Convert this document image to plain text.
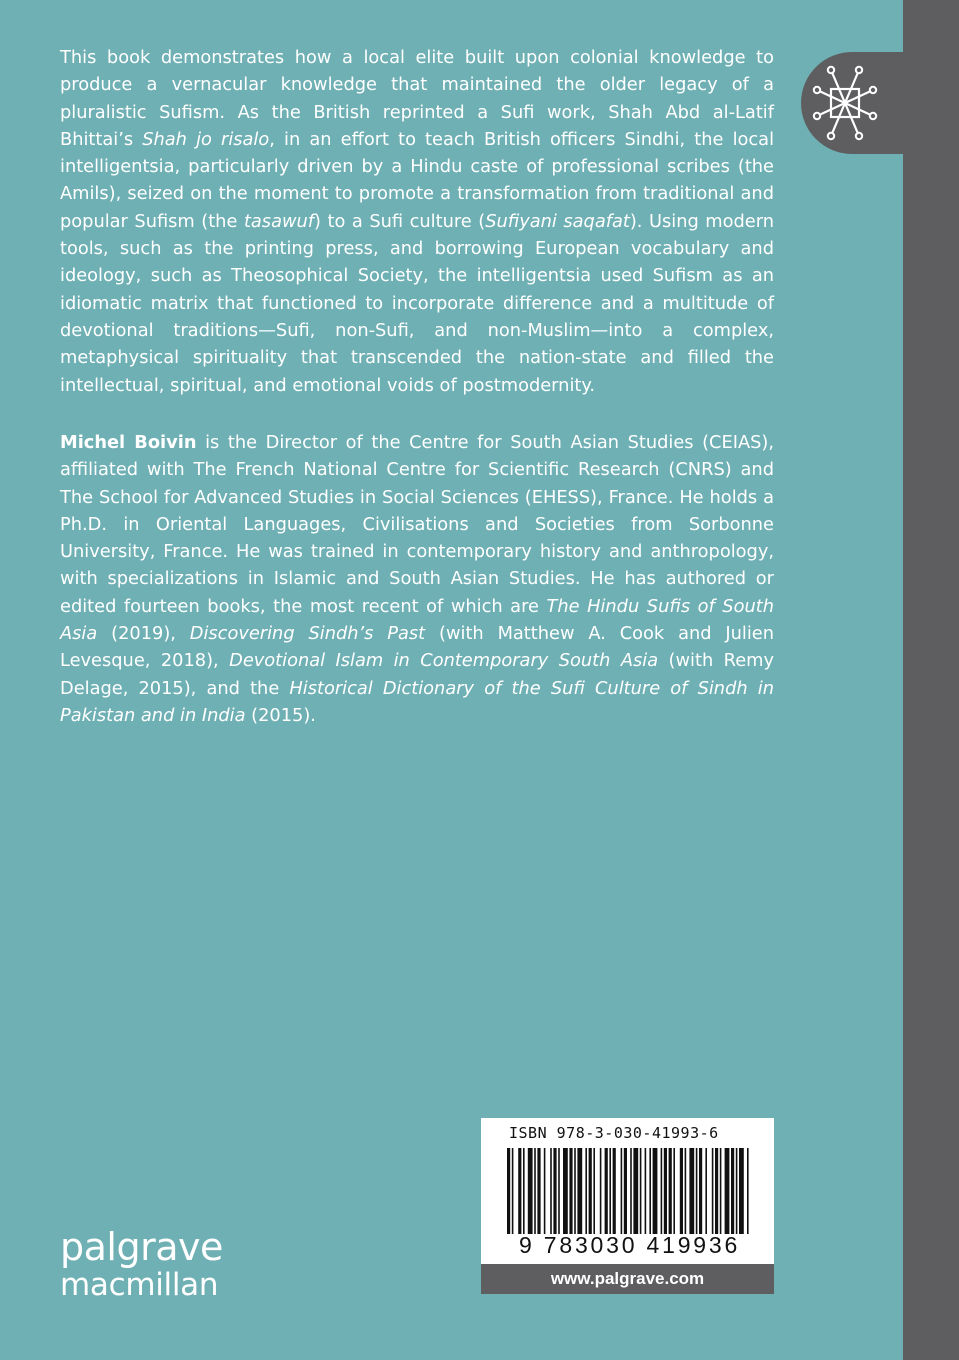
This book demonstrates how a local elite built upon colonial knowledge to produce a vernacular knowledge that maintained the older legacy of a pluralistic Sufism. As the British reprinted a Sufi work, Shah Abd al-Latif Bhittai’s Shah jo risalo, in an effort to teach British officers Sindhi, the local intelligentsia, particularly driven by a Hindu caste of professional scribes (the Amils), seized on the moment to promote a transformation from traditional and popular Sufism (the tasawuf) to a Sufi culture (Sufiyani saqafat). Using modern tools, such as the printing press, and borrowing European vocabulary and ideology, such as Theosophical Society, the intelligentsia used Sufism as an idiomatic matrix that functioned to incorporate difference and a multitude of devotional traditions—Sufi, non-Sufi, and non-Muslim—into a complex, metaphysical spirituality that transcended the nation-state and filled the intellectual, spiritual, and emotional voids of postmodernity.

Michel Boivin is the Director of the Centre for South Asian Studies (CEIAS), affiliated with The French National Centre for Scientific Research (CNRS) and The School for Advanced Studies in Social Sciences (EHESS), France. He holds a Ph.D. in Oriental Languages, Civilisations and Societies from Sorbonne University, France. He was trained in contemporary history and anthropology, with specializations in Islamic and South Asian Studies. He has authored or edited fourteen books, the most recent of which are The Hindu Sufis of South Asia (2019), Discovering Sindh’s Past (with Matthew A. Cook and Julien Levesque, 2018), Devotional Islam in Contemporary South Asia (with Remy Delage, 2015), and the Historical Dictionary of the Sufi Culture of Sindh in Pakistan and in India (2015).

palgrave
macmillan
ISBN 978-3-030-41993-6
9 783030 419936
www.palgrave.com
